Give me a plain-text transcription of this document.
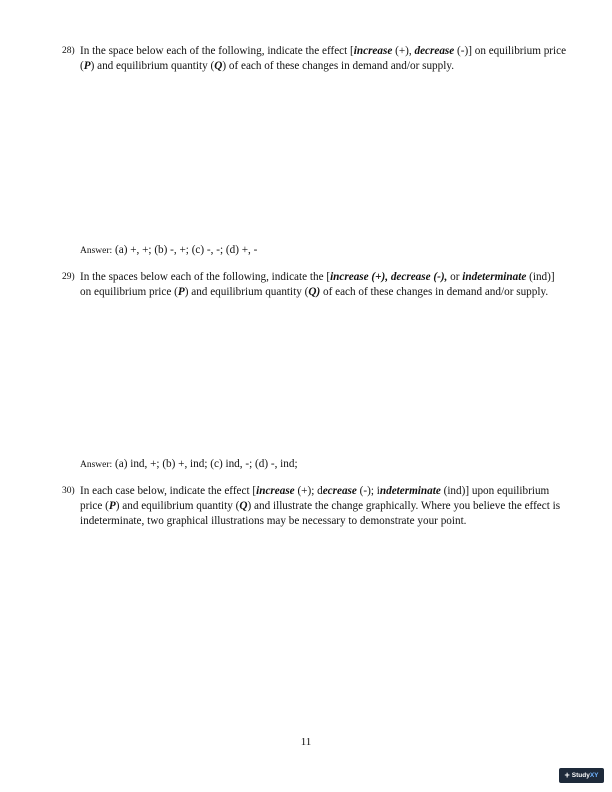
28) In the space below each of the following, indicate the effect [increase (+), decrease (-)] on equilibrium price (P) and equilibrium quantity (Q) of each of these changes in demand and/or supply.
Answer: (a) +, +; (b) -, +; (c) -, -; (d) +, -
29) In the spaces below each of the following, indicate the [increase (+), decrease (-), or indeterminate (ind)] on equilibrium price (P) and equilibrium quantity (Q) of each of these changes in demand and/or supply.
Answer: (a) ind, +; (b) +, ind; (c) ind, -; (d) -, ind;
30) In each case below, indicate the effect [increase (+); decrease (-); indeterminate (ind)] upon equilibrium price (P) and equilibrium quantity (Q) and illustrate the change graphically. Where you believe the effect is indeterminate, two graphical illustrations may be necessary to demonstrate your point.
11
+ StudyXY
